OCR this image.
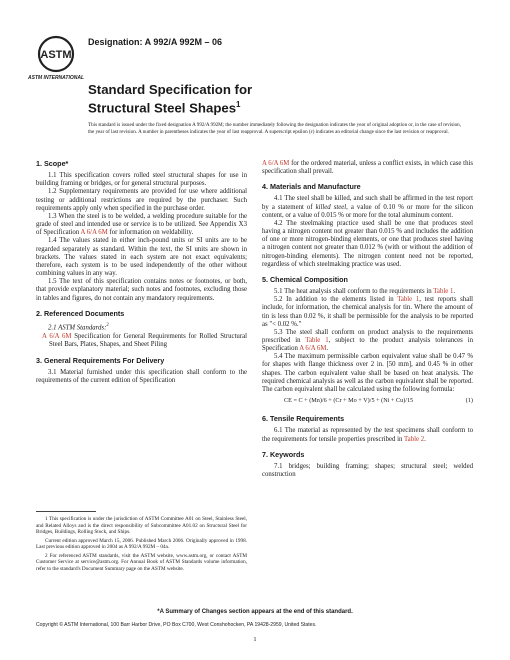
ASTM
ASTM INTERNATIONAL
Designation: A 992/A 992M – 06
Standard Specification for
Structural Steel Shapes$^1$
This standard is issued under the fixed designation A 992/A 992M; the number immediately following the designation indicates the year of original adoption or, in the case of revision, the year of last revision. A number in parentheses indicates the year of last reapproval. A superscript epsilon (ε) indicates an editorial change since the last revision or reapproval.
1. Scope*

1.1 This specification covers rolled steel structural shapes for use in building framing or bridges, or for general structural purposes.

1.2 Supplementary requirements are provided for use where additional testing or additional restrictions are required by the purchaser. Such requirements apply only when specified in the purchase order.

1.3 When the steel is to be welded, a welding procedure suitable for the grade of steel and intended use or service is to be utilized. See Appendix X3 of Specification A 6/A 6M for information on weldability.

1.4 The values stated in either inch-pound units or SI units are to be regarded separately as standard. Within the text, the SI units are shown in brackets. The values stated in each system are not exact equivalents; therefore, each system is to be used independently of the other without combining values in any way.

1.5 The text of this specification contains notes or footnotes, or both, that provide explanatory material; such notes and footnotes, excluding those in tables and figures, do not contain any mandatory requirements.

2. Referenced Documents

2.1 ASTM Standards:$^2$

A 6/A 6M Specification for General Requirements for Rolled Structural Steel Bars, Plates, Shapes, and Sheet Piling

3. General Requirements For Delivery

3.1 Material furnished under this specification shall conform to the requirements of the current edition of Specification

1 This specification is under the jurisdiction of ASTM Committee A01 on Steel, Stainless Steel, and Related Alloys and is the direct responsibility of Subcommittee A01.02 on Structural Steel for Bridges, Buildings, Rolling Stock, and Ships.

Current edition approved March 15, 2006. Published March 2006. Originally approved in 1998. Last previous edition approved in 2004 as A 992/A 992M – 04a.

2 For referenced ASTM standards, visit the ASTM website, www.astm.org, or contact ASTM Customer Service at service@astm.org. For Annual Book of ASTM Standards volume information, refer to the standard's Document Summary page on the ASTM website.

A 6/A 6M for the ordered material, unless a conflict exists, in which case this specification shall prevail.

4. Materials and Manufacture

4.1 The steel shall be killed, and such shall be affirmed in the test report by a statement of killed steel, a value of 0.10 % or more for the silicon content, or a value of 0.015 % or more for the total aluminum content.

4.2 The steelmaking practice used shall be one that produces steel having a nitrogen content not greater than 0.015 % and includes the addition of one or more nitrogen-binding elements, or one that produces steel having a nitrogen content not greater than 0.012 % (with or without the addition of nitrogen-binding elements). The nitrogen content need not be reported, regardless of which steelmaking practice was used.

5. Chemical Composition

5.1 The heat analysis shall conform to the requirements in Table 1.

5.2 In addition to the elements listed in Table 1, test reports shall include, for information, the chemical analysis for tin. Where the amount of tin is less than 0.02 %, it shall be permissible for the analysis to be reported as "< 0.02 %."

5.3 The steel shall conform on product analysis to the requirements prescribed in Table 1, subject to the product analysis tolerances in Specification A 6/A 6M.

5.4 The maximum permissible carbon equivalent value shall be 0.47 % for shapes with flange thickness over 2 in. [50 mm], and 0.45 % in other shapes. The carbon equivalent value shall be based on heat analysis. The required chemical analysis as well as the carbon equivalent shall be reported. The carbon equivalent shall be calculated using the following formula:

CE = C + (Mn)/6 + (Cr + Mo + V)/5 + (Ni + Cu)/15	(1)
6. Tensile Requirements

6.1 The material as represented by the test specimens shall conform to the requirements for tensile properties prescribed in Table 2.

7. Keywords

7.1 bridges; building framing; shapes; structural steel; welded construction

*A Summary of Changes section appears at the end of this standard.
Copyright © ASTM International, 100 Barr Harbor Drive, PO Box C700, West Conshohocken, PA 19428-2959, United States.
1
